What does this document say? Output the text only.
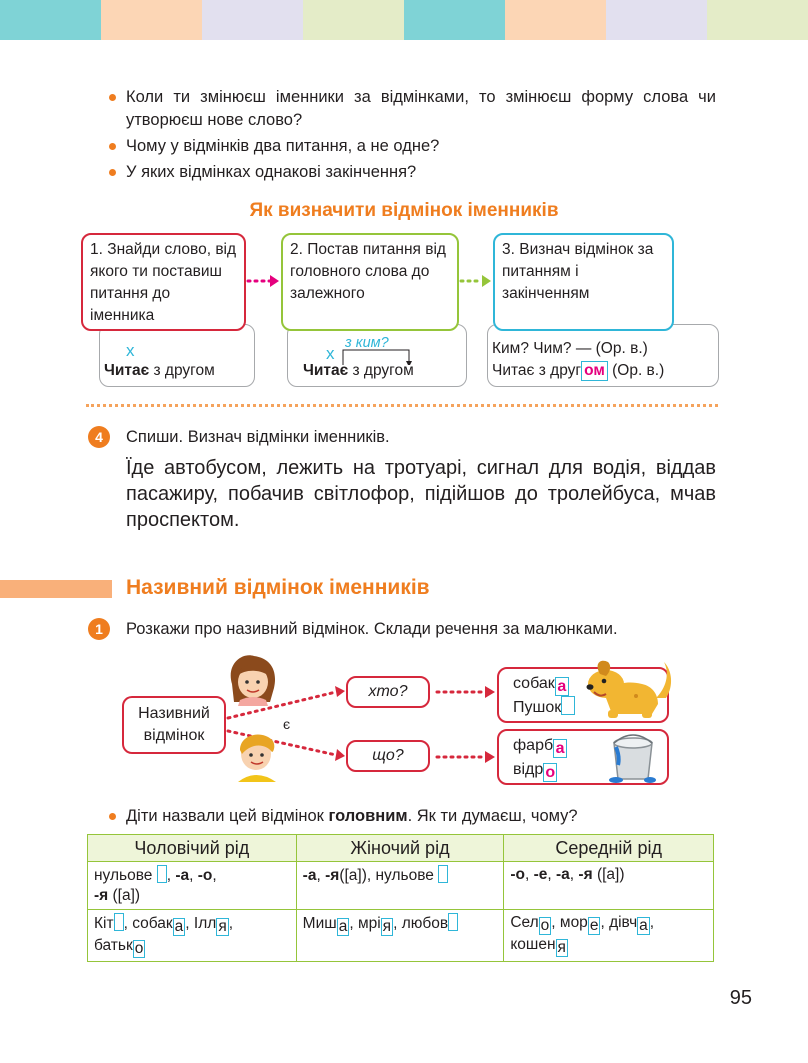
Коли ти змінюєш іменники за відмінками, то змінюєш форму слова чи утворюєш нове слово?

Чому у відмінків два питання, а не одне?

У яких відмінках однакові закінчення?

Як визначити відмінок іменників
1. Знайди слово, від якого ти поставиш питання до іменника
2. Постав питання від головного слова до залежного
3. Визнач відмінок за питанням і закінченням
х
Читає з другом
х
з ким?
Читає з другом
Ким? Чим? — (Ор. в.)
Читає з друг ом (Ор. в.)
4	Спиши. Визнач відмінки іменників.
Їде автобусом, лежить на тротуарі, сигнал для водія, віддав пасажиру, побачив світлофор, підійшов до тролейбуса, мчав проспектом.
Називний відмінок іменників
1	Розкажи про називний відмінок. Склади речення за малюнками.
Називний відмінок
є
хто?
що?
собак а
Пушок
фарб а
відр о

Діти назвали цей відмінок головним. Як ти думаєш, чому?

Чоловічий рід	Жіночий рід	Середній рід
нульове , -а, -о,
-я ([а])	-а, -я([а]), нульове	-о, -е, -а, -я ([а])
Кіт , собак а , Ілл я ,
батьк о	Миш а , мрі я , любов	Сел о , мор е , дівч а ,
кошен я
95
